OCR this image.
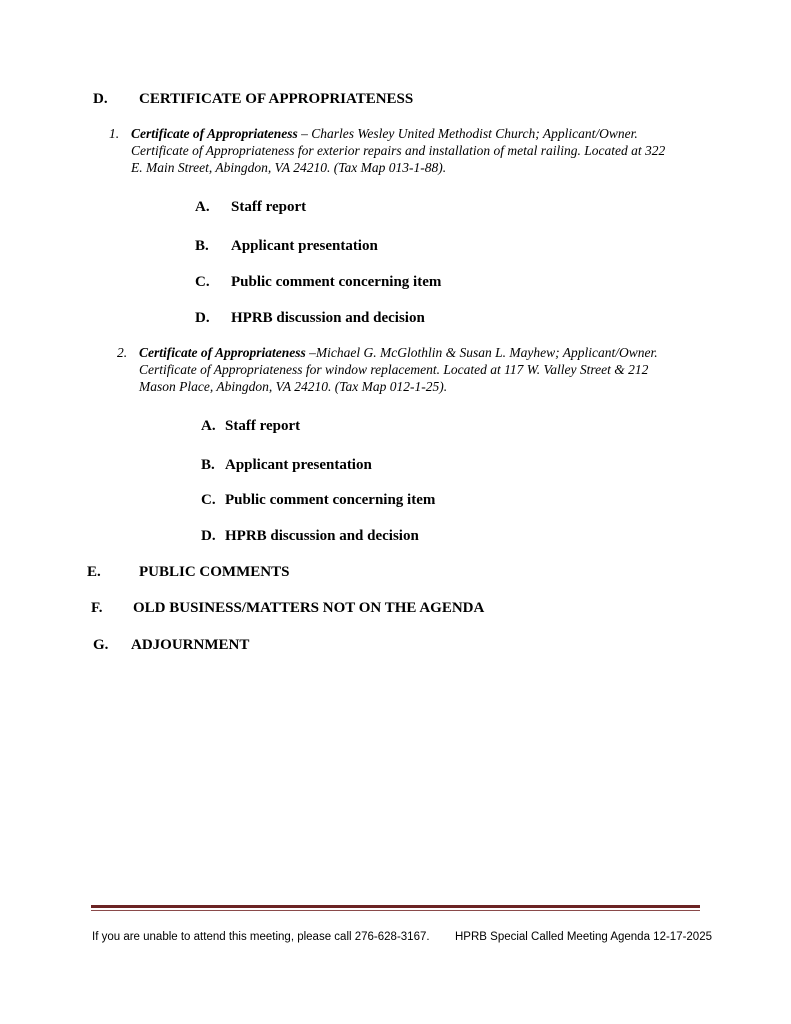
D. CERTIFICATE OF APPROPRIATENESS
1. Certificate of Appropriateness – Charles Wesley United Methodist Church; Applicant/Owner.
Certificate of Appropriateness for exterior repairs and installation of metal railing. Located at 322
E. Main Street, Abingdon, VA 24210. (Tax Map 013-1-88).
A. Staff report
B. Applicant presentation
C. Public comment concerning item
D. HPRB discussion and decision
2. Certificate of Appropriateness –Michael G. McGlothlin & Susan L. Mayhew; Applicant/Owner.
Certificate of Appropriateness for window replacement. Located at 117 W. Valley Street & 212
Mason Place, Abingdon, VA 24210. (Tax Map 012-1-25).
A. Staff report
B. Applicant presentation
C. Public comment concerning item
D. HPRB discussion and decision
E.	PUBLIC COMMENTS
F. OLD BUSINESS/MATTERS NOT ON THE AGENDA
G. ADJOURNMENT
If you are unable to attend this meeting, please call 276-628-3167. HPRB Special Called Meeting Agenda 12-17-2025
